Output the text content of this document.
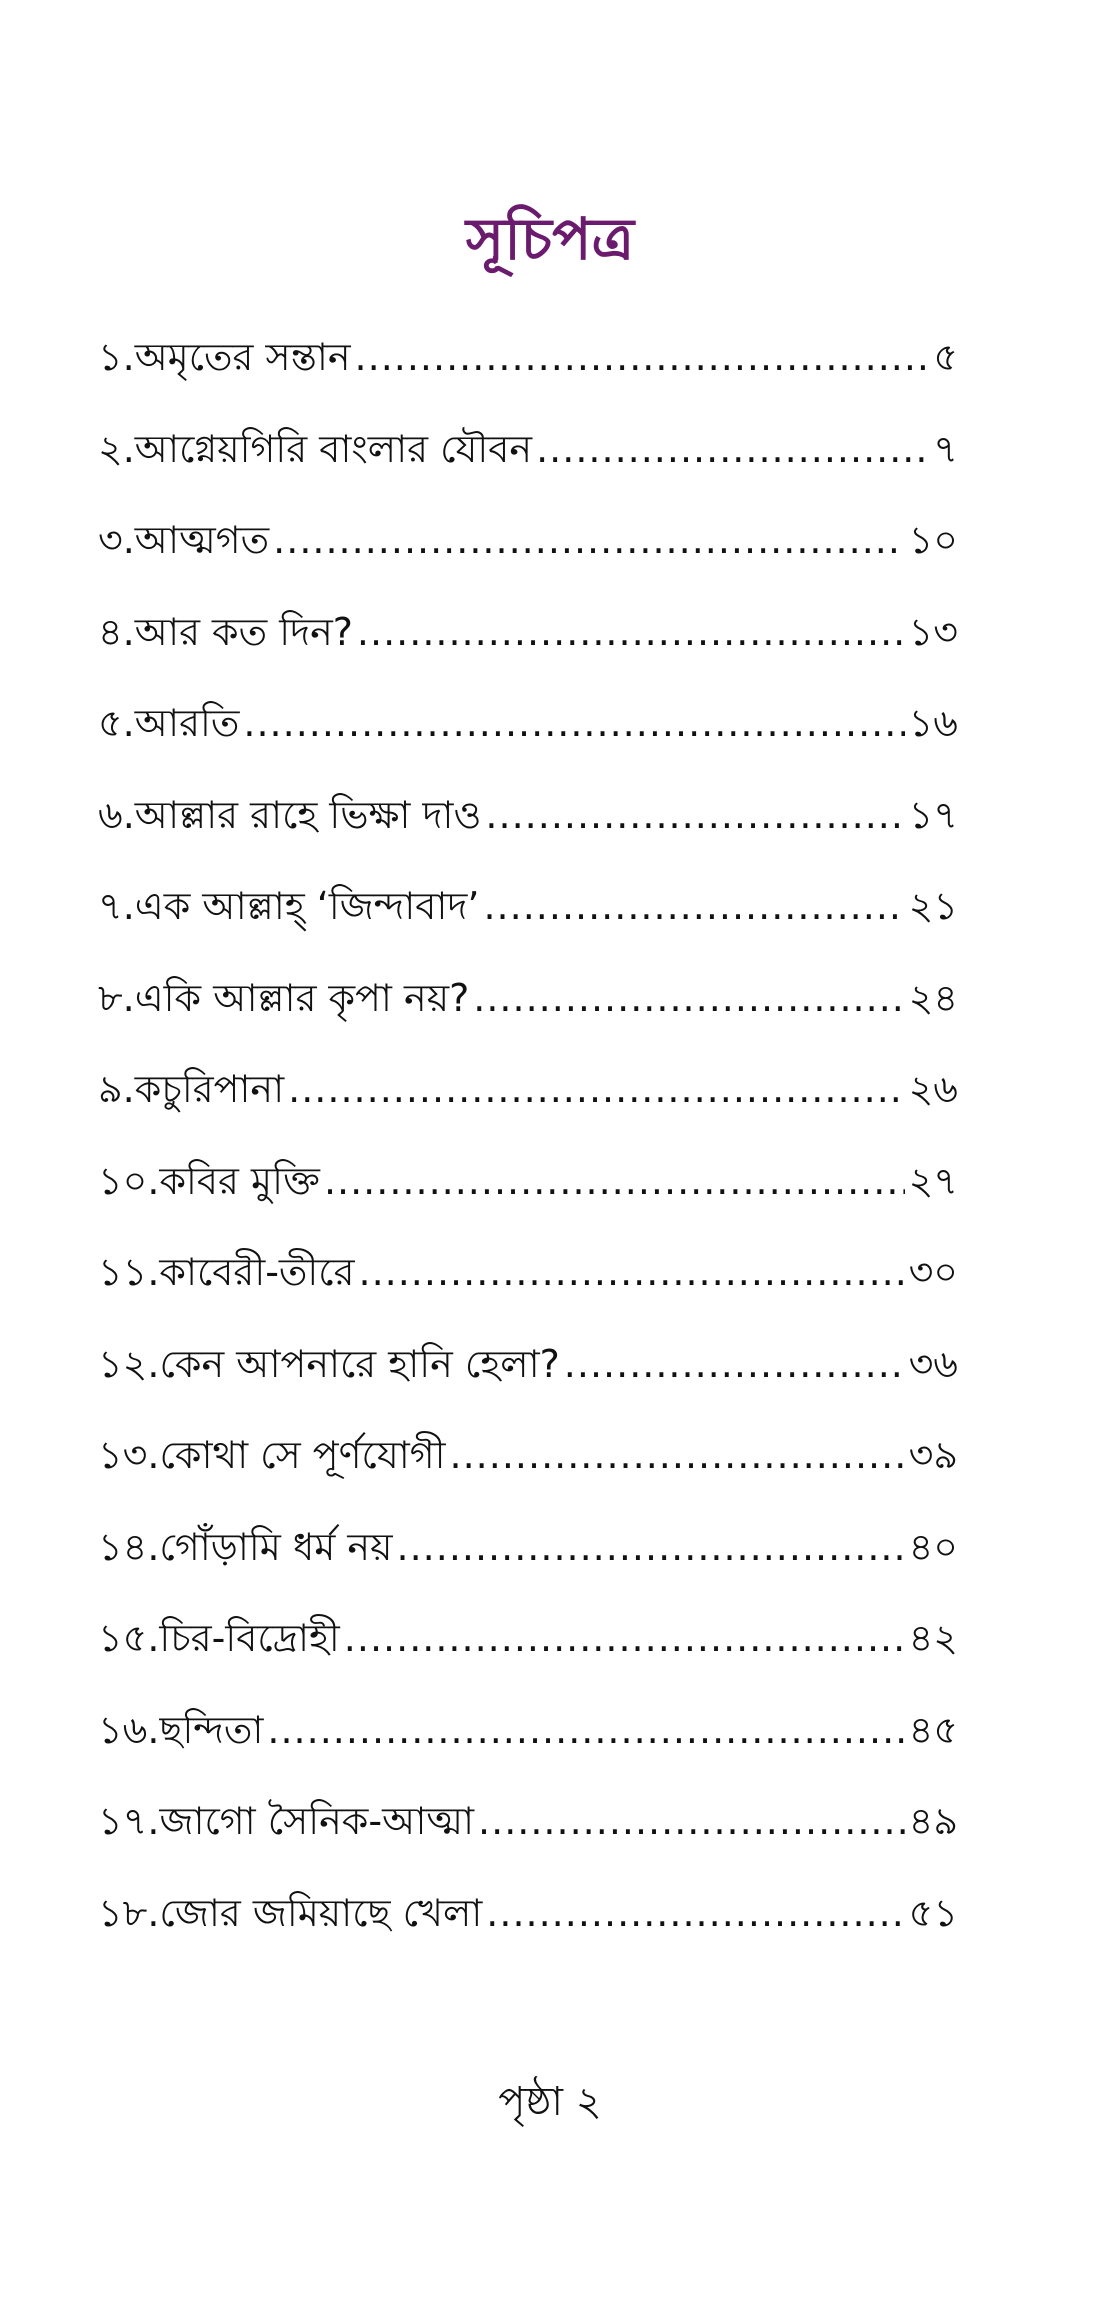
সূচিপত্র
১. অমৃতের সন্তান .....	৫
২. আগ্নেয়গিরি বাংলার যৌবন .....	৭
৩. আত্মগত .....	১০
৪. আর কত দিন? .....	১৩
৫. আরতি .....	১৬
৬. আল্লার রাহে ভিক্ষা দাও .....	১৭
৭. এক আল্লাহ্‌ ‘জিন্দাবাদ’ .....	২১
৮. একি আল্লার কৃপা নয়? .....	২৪
৯. কচুরিপানা .....	২৬
১০. কবির মুক্তি .....	২৭
১১. কাবেরী-তীরে .....	৩০
১২. কেন আপনারে হানি হেলা? .....	৩৬
১৩. কোথা সে পূর্ণযোগী .....	৩৯
১৪. গোঁড়ামি ধর্ম নয় .....	৪০
১৫. চির-বিদ্রোহী .....	৪২
১৬. ছন্দিতা .....	৪৫
১৭. জাগো সৈনিক-আত্মা .....	৪৯
১৮. জোর জমিয়াছে খেলা .....	৫১
পৃষ্ঠা ২
